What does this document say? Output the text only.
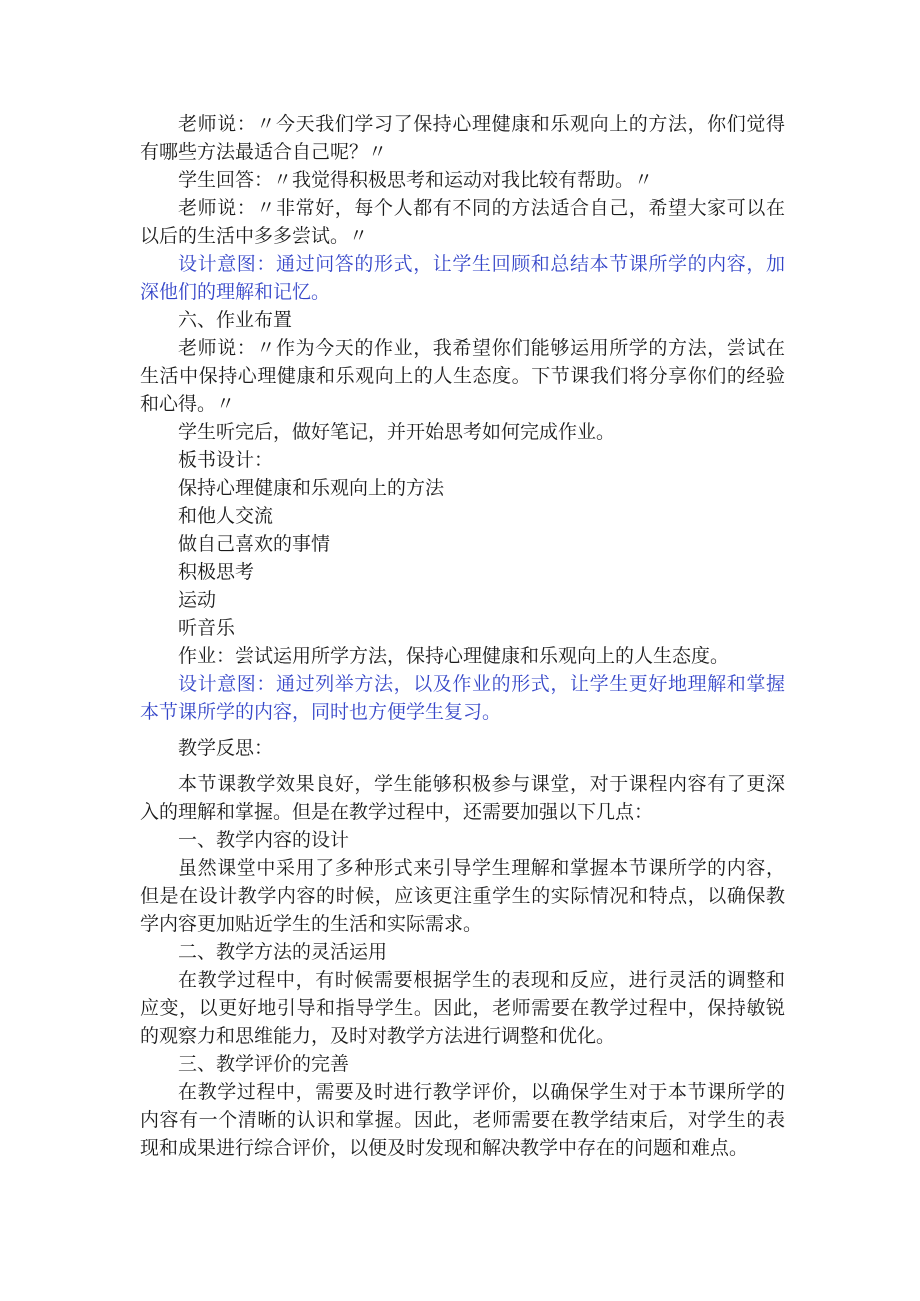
老师说：〃今天我们学习了保持心理健康和乐观向上的方法，你们觉得有哪些方法最适合自己呢？〃

学生回答：〃我觉得积极思考和运动对我比较有帮助。〃

老师说：〃非常好，每个人都有不同的方法适合自己，希望大家可以在以后的生活中多多尝试。〃

设计意图：通过问答的形式，让学生回顾和总结本节课所学的内容，加深他们的理解和记忆。

六、作业布置

老师说：〃作为今天的作业，我希望你们能够运用所学的方法，尝试在生活中保持心理健康和乐观向上的人生态度。下节课我们将分享你们的经验和心得。〃

学生听完后，做好笔记，并开始思考如何完成作业。

板书设计：

保持心理健康和乐观向上的方法

和他人交流

做自己喜欢的事情

积极思考

运动

听音乐

作业：尝试运用所学方法，保持心理健康和乐观向上的人生态度。

设计意图：通过列举方法，以及作业的形式，让学生更好地理解和掌握本节课所学的内容，同时也方便学生复习。

教学反思：

本节课教学效果良好，学生能够积极参与课堂，对于课程内容有了更深入的理解和掌握。但是在教学过程中，还需要加强以下几点：

一、教学内容的设计

虽然课堂中采用了多种形式来引导学生理解和掌握本节课所学的内容，但是在设计教学内容的时候，应该更注重学生的实际情况和特点，以确保教学内容更加贴近学生的生活和实际需求。

二、教学方法的灵活运用

在教学过程中，有时候需要根据学生的表现和反应，进行灵活的调整和应变，以更好地引导和指导学生。因此，老师需要在教学过程中，保持敏锐的观察力和思维能力，及时对教学方法进行调整和优化。

三、教学评价的完善

在教学过程中，需要及时进行教学评价，以确保学生对于本节课所学的内容有一个清晰的认识和掌握。因此，老师需要在教学结束后，对学生的表现和成果进行综合评价，以便及时发现和解决教学中存在的问题和难点。
